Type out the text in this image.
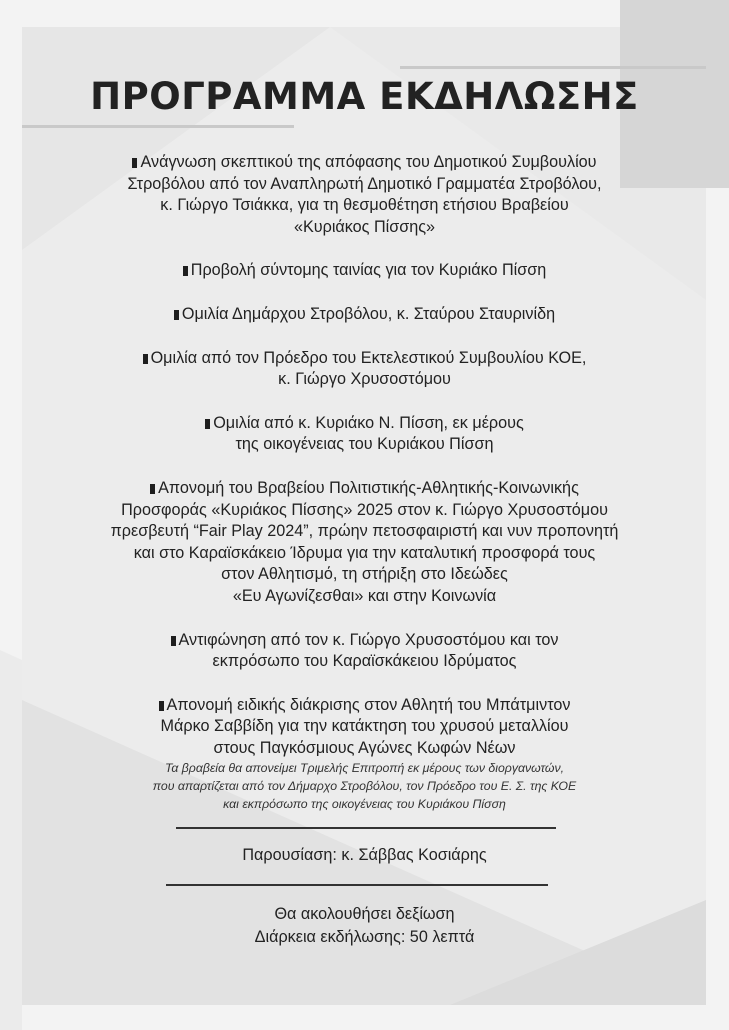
ΠΡΟΓΡΑΜΜΑ ΕΚΔΗΛΩΣΗΣ
Ανάγνωση σκεπτικού της απόφασης του Δημοτικού Συμβουλίου
Στροβόλου από τον Αναπληρωτή Δημοτικό Γραμματέα Στροβόλου,
κ. Γιώργο Τσιάκκα, για τη θεσμοθέτηση ετήσιου Βραβείου
«Κυριάκος Πίσσης»
Προβολή σύντομης ταινίας για τον Κυριάκο Πίσση
Ομιλία Δημάρχου Στροβόλου, κ. Σταύρου Σταυρινίδη
Ομιλία από τον Πρόεδρο του Εκτελεστικού Συμβουλίου ΚΟΕ,
κ. Γιώργο Χρυσοστόμου
Ομιλία από κ. Κυριάκο Ν. Πίσση, εκ μέρους
της οικογένειας του Κυριάκου Πίσση
Απονομή του Βραβείου Πολιτιστικής-Αθλητικής-Κοινωνικής
Προσφοράς «Κυριάκος Πίσσης» 2025 στον κ. Γιώργο Χρυσοστόμου
πρεσβευτή “Fair Play 2024”, πρώην πετοσφαιριστή και νυν προπονητή
και στο Καραϊσκάκειο Ίδρυμα για την καταλυτική προσφορά τους
στον Αθλητισμό, τη στήριξη στο Ιδεώδες
«Ευ Αγωνίζεσθαι» και στην Κοινωνία
Αντιφώνηση από τον κ. Γιώργο Χρυσοστόμου και τον
εκπρόσωπο του Καραϊσκάκειου Ιδρύματος
Απονομή ειδικής διάκρισης στον Αθλητή του Μπάτμιντον
Μάρκο Σαββίδη για την κατάκτηση του χρυσού μεταλλίου
στους Παγκόσμιους Αγώνες Κωφών Νέων
Τα βραβεία θα απονείμει Τριμελής Επιτροπή εκ μέρους των διοργανωτών,
που απαρτίζεται από τον Δήμαρχο Στροβόλου, τον Πρόεδρο του Ε. Σ. της ΚΟΕ
και εκπρόσωπο της οικογένειας του Κυριάκου Πίσση
Παρουσίαση: κ. Σάββας Κοσιάρης
Θα ακολουθήσει δεξίωση
Διάρκεια εκδήλωσης: 50 λεπτά
